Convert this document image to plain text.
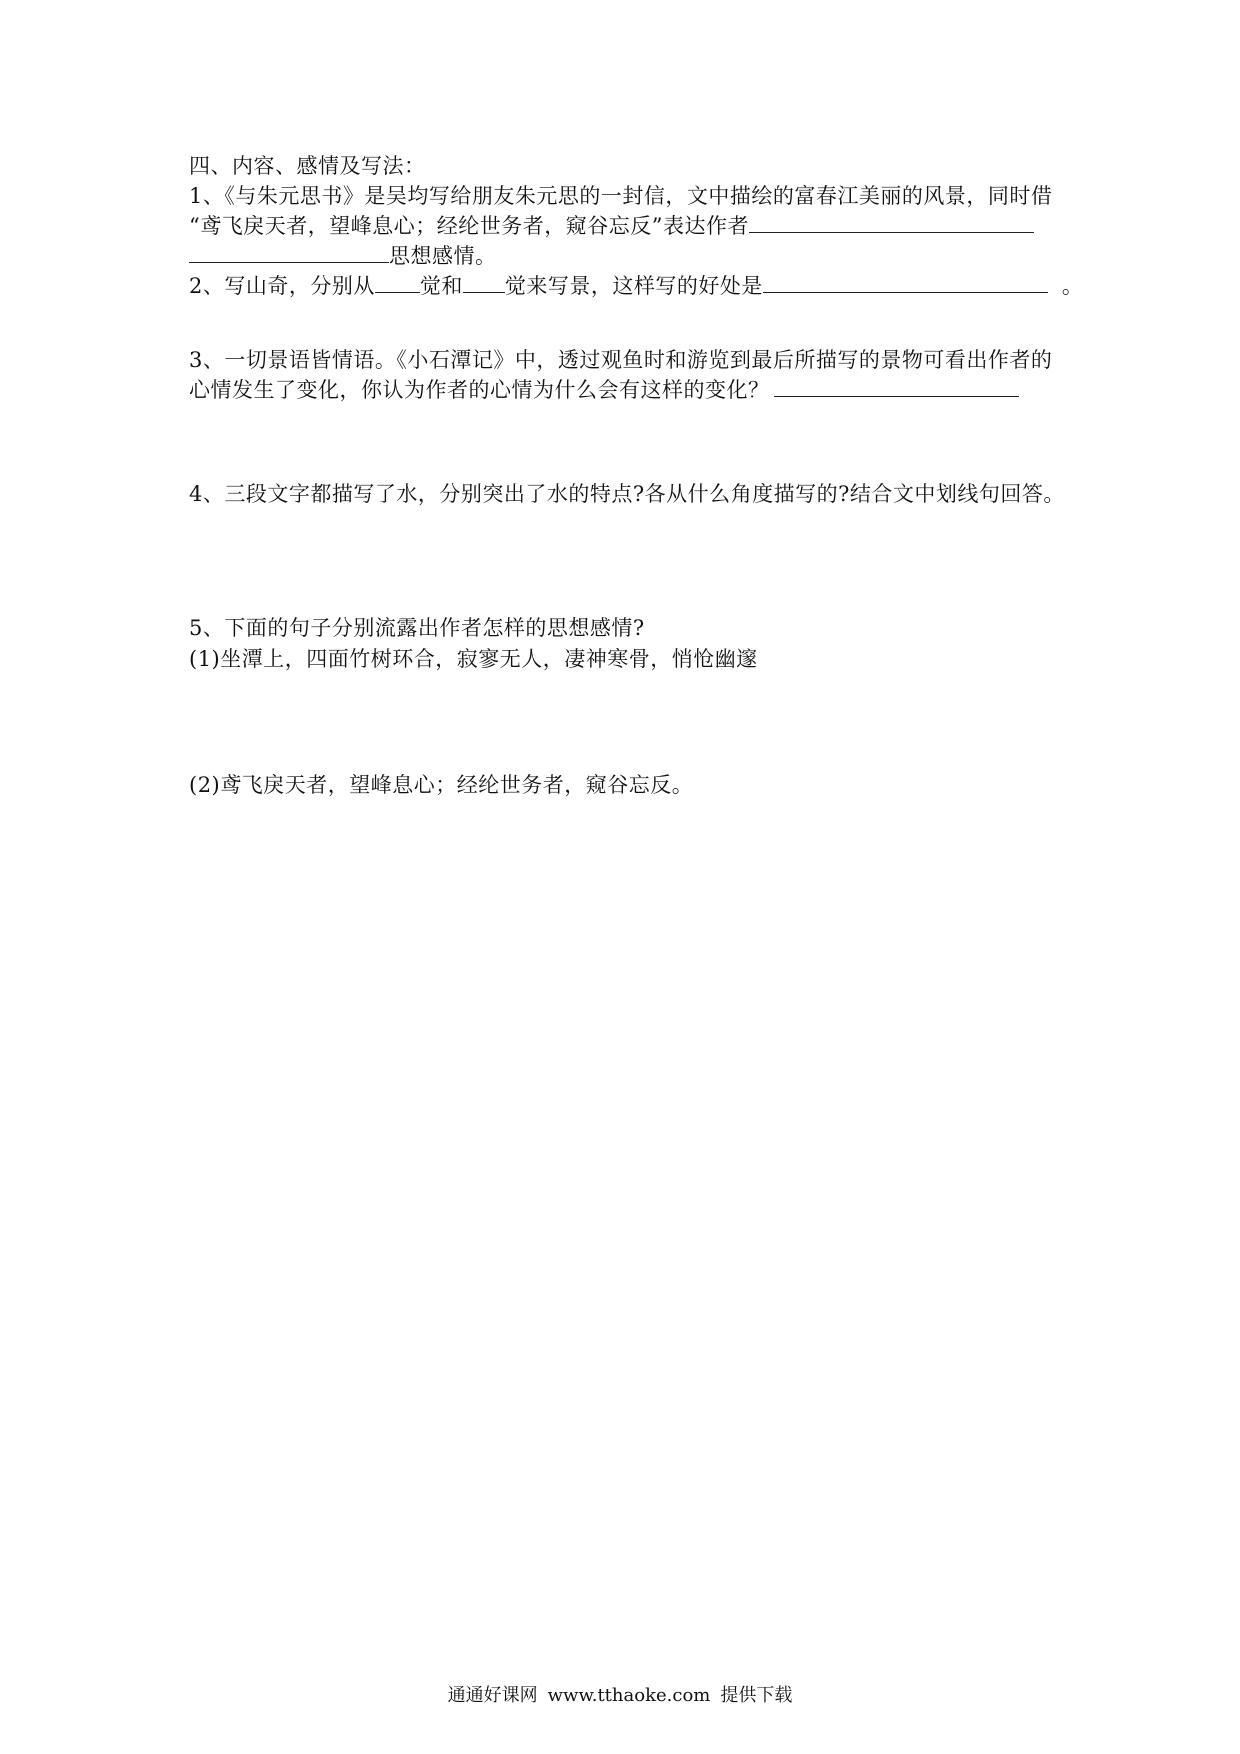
四、内容、感情及写法：
1、《与朱元思书》是吴均写给朋友朱元思的一封信，文中描绘的富春江美丽的风景，同时借
“鸢飞戾天者，望峰息心；经纶世务者，窥谷忘反”表达作者
思想感情。
2、写山奇，分别从 觉和 觉来写景，这样写的好处是	。
3、一切景语皆情语。《小石潭记》中，透过观鱼时和游览到最后所描写的景物可看出作者的
心情发生了变化，你认为作者的心情为什么会有这样的变化？
4、三段文字都描写了水，分别突出了水的特点?各从什么角度描写的?结合文中划线句回答。
5、下面的句子分别流露出作者怎样的思想感情?
(1)坐潭上，四面竹树环合，寂寥无人，凄神寒骨，悄怆幽邃
(2)鸢飞戾天者，望峰息心；经纶世务者，窥谷忘反。
通通好课网 www.tthaoke.com 提供下载
